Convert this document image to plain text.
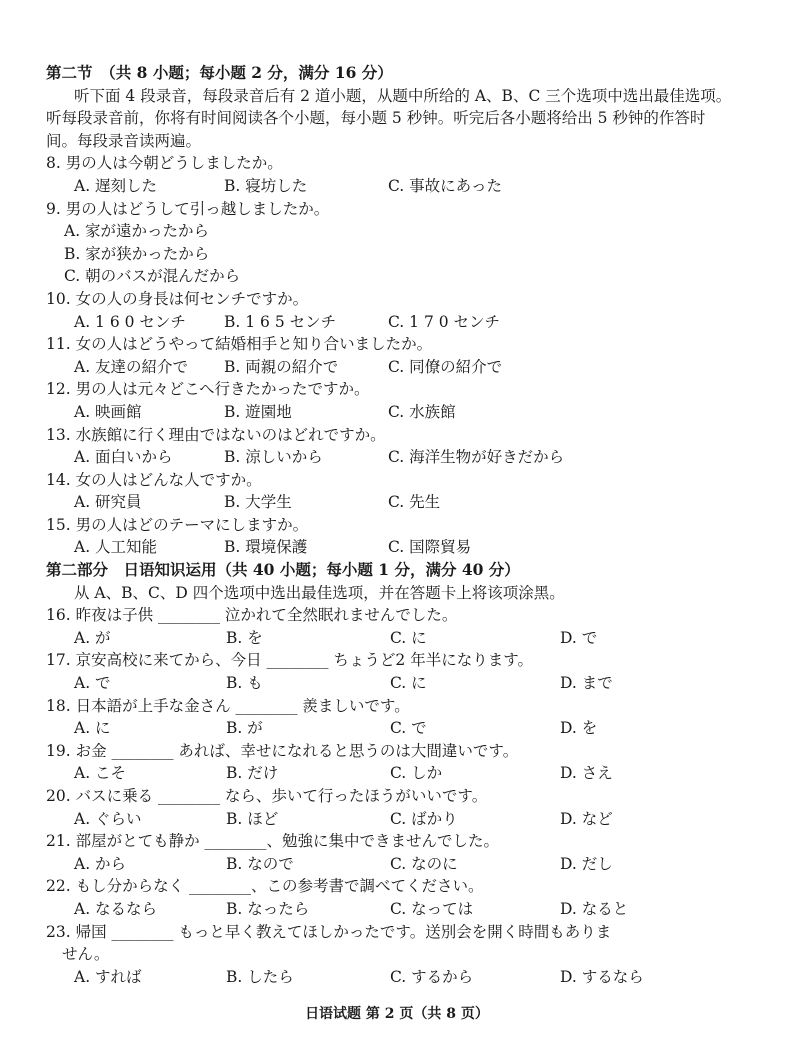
第二节　（共 8 小题；每小题 2 分，满分 16 分）
听下面 4 段录音，每段录音后有 2 道小题，从题中所给的 A、B、C 三个选项中选出最佳选项。听每段录音前，你将有时间阅读各个小题，每小题 5 秒钟。听完后各小题将给出 5 秒钟的作答时间。每段录音读两遍。
8. 男の人は今朝どうしましたか。
A. 遅刻した	B. 寝坊した	C. 事故にあった
9. 男の人はどうして引っ越しましたか。
A. 家が遠かったから
B. 家が狭かったから
C. 朝のバスが混んだから
10. 女の人の身長は何センチですか。
A. 1 6 0 センチ	B. 1 6 5 センチ	C. 1 7 0 センチ
11. 女の人はどうやって結婚相手と知り合いましたか。
A. 友達の紹介で	B. 両親の紹介で	C. 同僚の紹介で
12. 男の人は元々どこへ行きたかったですか。
A. 映画館	B. 遊園地	C. 水族館
13. 水族館に行く理由ではないのはどれですか。
A. 面白いから	B. 涼しいから	C. 海洋生物が好きだから
14. 女の人はどんな人ですか。
A. 研究員	B. 大学生	C. 先生
15. 男の人はどのテーマにしますか。
A. 人工知能	B. 環境保護	C. 国際貿易
第二部分　日语知识运用（共 40 小题；每小题 1 分，满分 40 分）
从 A、B、C、D 四个选项中选出最佳选项，并在答题卡上将该项涂黑。
16. 昨夜は子供 ________ 泣かれて全然眠れませんでした。
A. が	B. を	C. に	D. で
17. 京安高校に来てから、今日 ________ ちょうど2 年半になります。
A. で	B. も	C. に	D. まで
18. 日本語が上手な金さん ________ 羨ましいです。
A. に	B. が	C. で	D. を
19. お金 ________ あれば、幸せになれると思うのは大間違いです。
A. こそ	B. だけ	C. しか	D. さえ
20. バスに乗る ________ なら、歩いて行ったほうがいいです。
A. ぐらい	B. ほど	C. ばかり	D. など
21. 部屋がとても静か ________、勉強に集中できませんでした。
A. から	B. なので	C. なのに	D. だし
22. もし分からなく ________、この参考書で調べてください。
A. なるなら	B. なったら	C. なっては	D. なると
23. 帰国 ________ もっと早く教えてほしかったです。送別会を開く時間もありま
せん。
A. すれば	B. したら	C. するから	D. するなら
日语试题 第 2 页（共 8 页）
